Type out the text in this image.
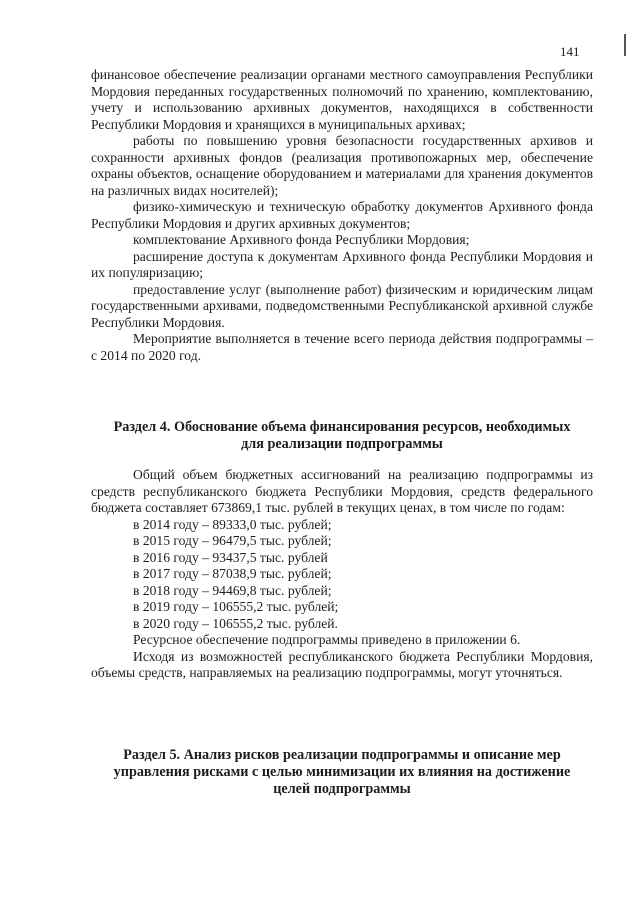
141

финансовое обеспечение реализации органами местного самоуправления Республики Мордовия переданных государственных полномочий по хранению, комплектованию, учету и использованию архивных документов, находящихся в собственности Республики Мордовия и хранящихся в муниципальных архивах;

работы по повышению уровня безопасности государственных архивов и сохранности архивных фондов (реализация противопожарных мер, обеспечение охраны объектов, оснащение оборудованием и материалами для хранения документов на различных видах носителей);

физико-химическую и техническую обработку документов Архивного фонда Республики Мордовия и других архивных документов;

комплектование Архивного фонда Республики Мордовия;

расширение доступа к документам Архивного фонда Республики Мордовия и их популяризацию;

предоставление услуг (выполнение работ) физическим и юридическим лицам государственными архивами, подведомственными Республиканской архивной службе Республики Мордовия.

Мероприятие выполняется в течение всего периода действия подпрограммы – с 2014 по 2020 год.

Раздел 4. Обоснование объема финансирования ресурсов, необходимых
для реализации подпрограммы

Общий объем бюджетных ассигнований на реализацию подпрограммы из средств республиканского бюджета Республики Мордовия, средств федерального бюджета составляет 673869,1 тыс. рублей в текущих ценах, в том числе по годам:

в 2014 году – 89333,0 тыс. рублей;
в 2015 году – 96479,5 тыс. рублей;
в 2016 году – 93437,5 тыс. рублей
в 2017 году – 87038,9 тыс. рублей;
в 2018 году – 94469,8 тыс. рублей;
в 2019 году – 106555,2 тыс. рублей;
в 2020 году – 106555,2 тыс. рублей.

Ресурсное обеспечение подпрограммы приведено в приложении 6.

Исходя из возможностей республиканского бюджета Республики Мордовия, объемы средств, направляемых на реализацию подпрограммы, могут уточняться.

Раздел 5. Анализ рисков реализации подпрограммы и описание мер
управления рисками с целью минимизации их влияния на достижение
целей подпрограммы
